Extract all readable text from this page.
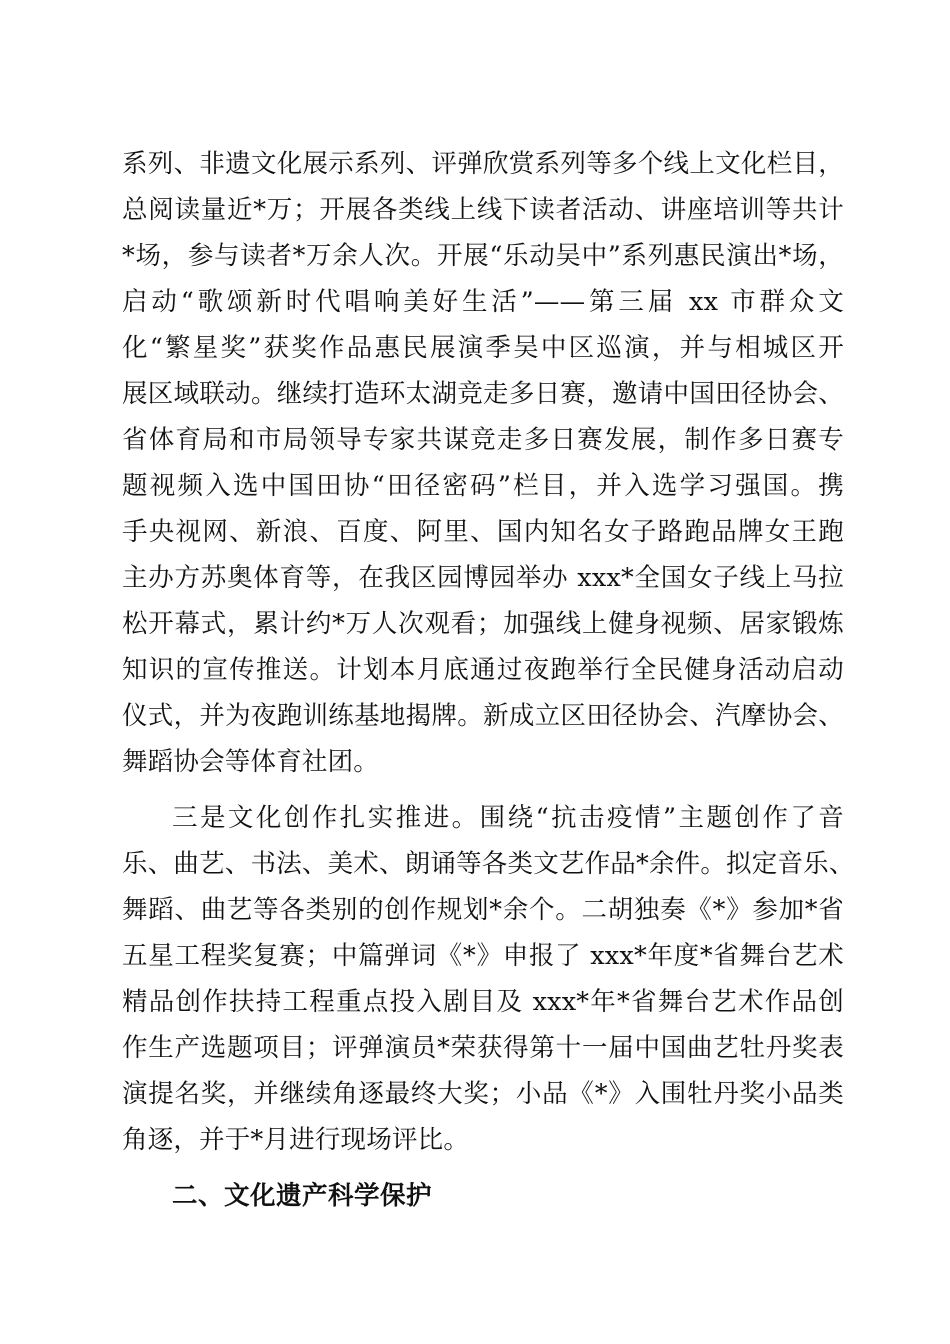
系列、非遗文化展示系列、评弹欣赏系列等多个线上文化栏目，
总阅读量近*万；开展各类线上线下读者活动、讲座培训等共计
*场，参与读者*万余人次。开展“乐动吴中”系列惠民演出*场，
启动“歌颂新时代唱响美好生活”——第三届 xx 市群众文
化“繁星奖”获奖作品惠民展演季吴中区巡演，并与相城区开
展区域联动。继续打造环太湖竞走多日赛，邀请中国田径协会、
省体育局和市局领导专家共谋竞走多日赛发展，制作多日赛专
题视频入选中国田协“田径密码”栏目，并入选学习强国。携
手央视网、新浪、百度、阿里、国内知名女子路跑品牌女王跑
主办方苏奥体育等，在我区园博园举办 xxx*全国女子线上马拉
松开幕式，累计约*万人次观看；加强线上健身视频、居家锻炼
知识的宣传推送。计划本月底通过夜跑举行全民健身活动启动
仪式，并为夜跑训练基地揭牌。新成立区田径协会、汽摩协会、
舞蹈协会等体育社团。
三是文化创作扎实推进。围绕“抗击疫情”主题创作了音
乐、曲艺、书法、美术、朗诵等各类文艺作品*余件。拟定音乐、
舞蹈、曲艺等各类别的创作规划*余个。二胡独奏《*》参加*省
五星工程奖复赛；中篇弹词《*》申报了 xxx*年度*省舞台艺术
精品创作扶持工程重点投入剧目及 xxx*年*省舞台艺术作品创
作生产选题项目；评弹演员*荣获得第十一届中国曲艺牡丹奖表
演提名奖，并继续角逐最终大奖；小品《*》入围牡丹奖小品类
角逐，并于*月进行现场评比。
二、文化遗产科学保护
